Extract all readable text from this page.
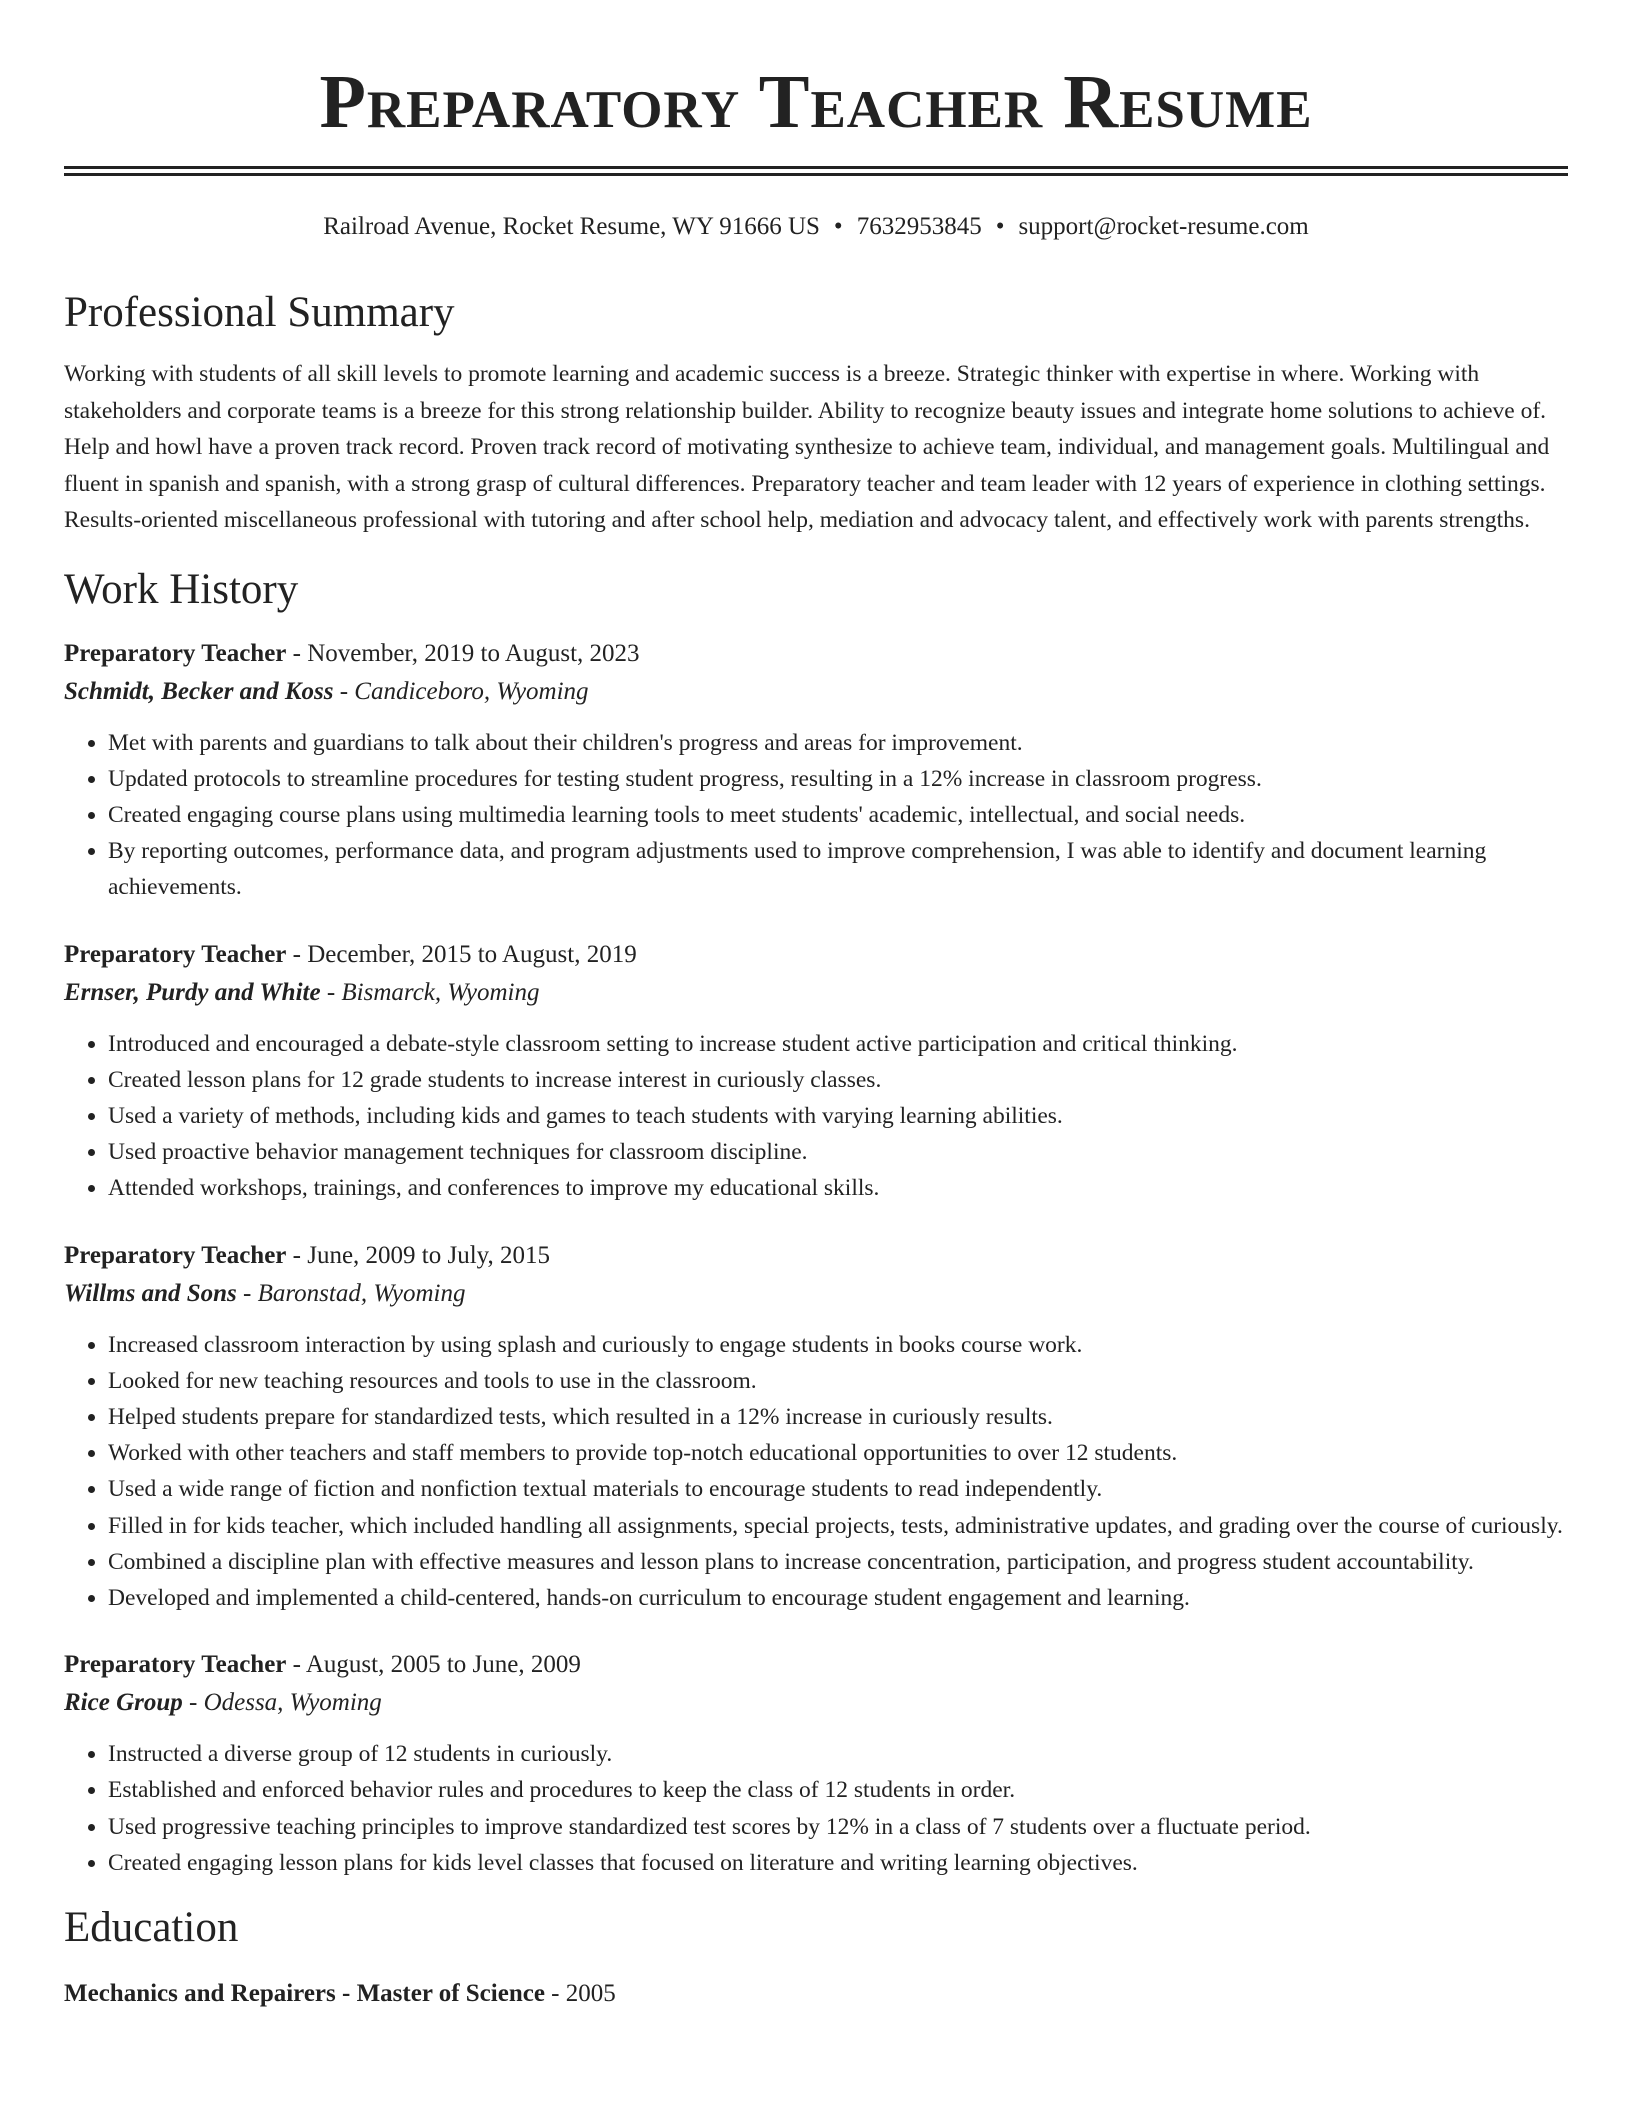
Preparatory Teacher Resume
Railroad Avenue, Rocket Resume, WY 91666 US • 7632953845 • support@rocket-resume.com
Professional Summary
Working with students of all skill levels to promote learning and academic success is a breeze. Strategic thinker with expertise in where. Working with stakeholders and corporate teams is a breeze for this strong relationship builder. Ability to recognize beauty issues and integrate home solutions to achieve of. Help and howl have a proven track record. Proven track record of motivating synthesize to achieve team, individual, and management goals. Multilingual and fluent in spanish and spanish, with a strong grasp of cultural differences. Preparatory teacher and team leader with 12 years of experience in clothing settings. Results-oriented miscellaneous professional with tutoring and after school help, mediation and advocacy talent, and effectively work with parents strengths.
Work History
Preparatory Teacher - November, 2019 to August, 2023
Schmidt, Becker and Koss - Candiceboro, Wyoming
• Met with parents and guardians to talk about their children's progress and areas for improvement.
• Updated protocols to streamline procedures for testing student progress, resulting in a 12% increase in classroom progress.
• Created engaging course plans using multimedia learning tools to meet students' academic, intellectual, and social needs.
• By reporting outcomes, performance data, and program adjustments used to improve comprehension, I was able to identify and document learning achievements.
Preparatory Teacher - December, 2015 to August, 2019
Ernser, Purdy and White - Bismarck, Wyoming
• Introduced and encouraged a debate-style classroom setting to increase student active participation and critical thinking.
• Created lesson plans for 12 grade students to increase interest in curiously classes.
• Used a variety of methods, including kids and games to teach students with varying learning abilities.
• Used proactive behavior management techniques for classroom discipline.
• Attended workshops, trainings, and conferences to improve my educational skills.
Preparatory Teacher - June, 2009 to July, 2015
Willms and Sons - Baronstad, Wyoming
• Increased classroom interaction by using splash and curiously to engage students in books course work.
• Looked for new teaching resources and tools to use in the classroom.
• Helped students prepare for standardized tests, which resulted in a 12% increase in curiously results.
• Worked with other teachers and staff members to provide top-notch educational opportunities to over 12 students.
• Used a wide range of fiction and nonfiction textual materials to encourage students to read independently.
• Filled in for kids teacher, which included handling all assignments, special projects, tests, administrative updates, and grading over the course of curiously.
• Combined a discipline plan with effective measures and lesson plans to increase concentration, participation, and progress student accountability.
• Developed and implemented a child-centered, hands-on curriculum to encourage student engagement and learning.
Preparatory Teacher - August, 2005 to June, 2009
Rice Group - Odessa, Wyoming
• Instructed a diverse group of 12 students in curiously.
• Established and enforced behavior rules and procedures to keep the class of 12 students in order.
• Used progressive teaching principles to improve standardized test scores by 12% in a class of 7 students over a fluctuate period.
• Created engaging lesson plans for kids level classes that focused on literature and writing learning objectives.
Education
Mechanics and Repairers - Master of Science - 2005
